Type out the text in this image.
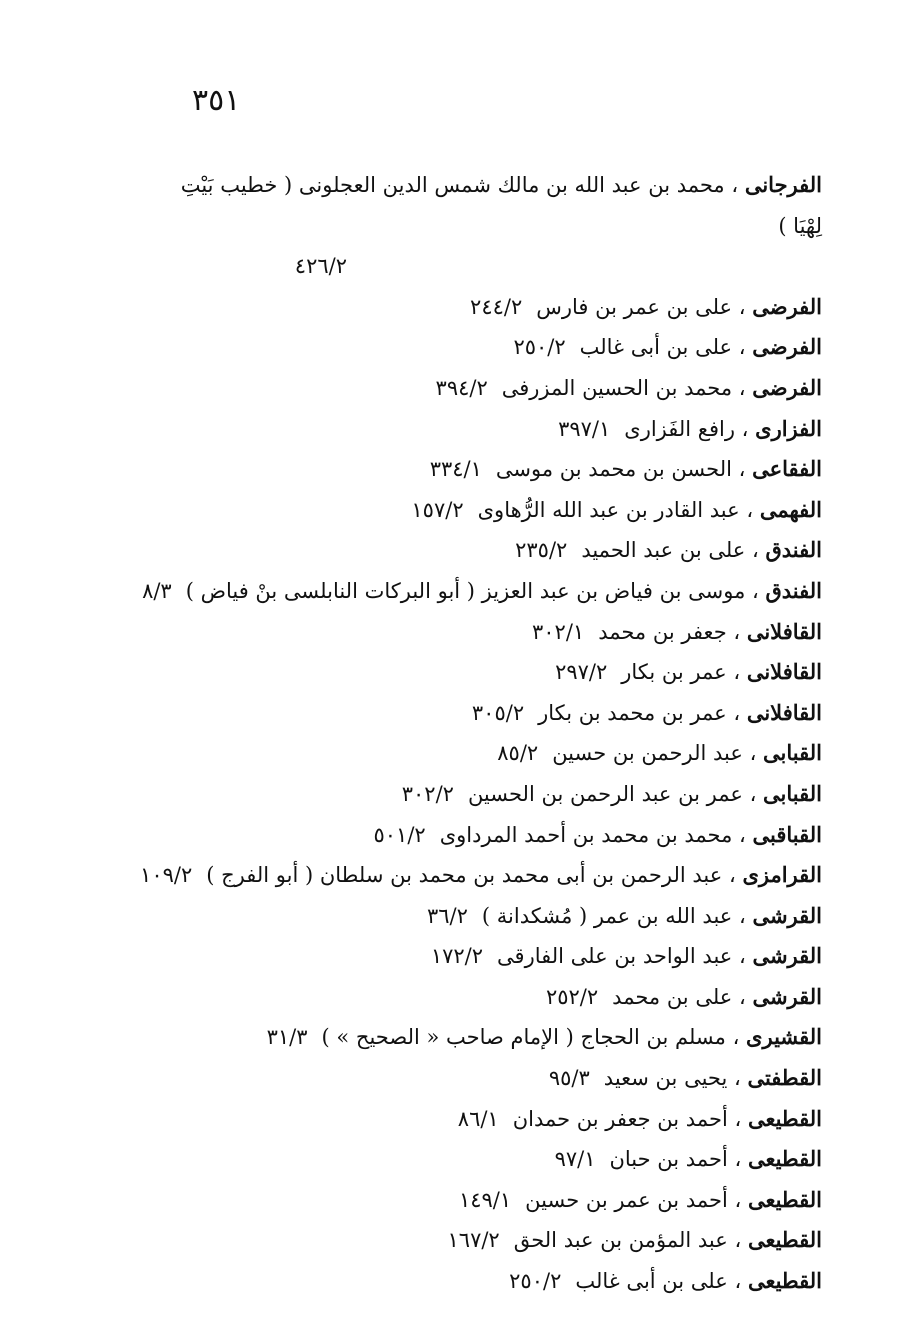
٣٥١
الفرجانى ، محمد بن عبد الله بن مالك شمس الدين العجلونى ( خطيب بَيْتِ لِهْيَا )
٤٢٦/٢
الفرضى ، على بن عمر بن فارس٢٤٤/٢
الفرضى ، على بن أبى غالب٢٥٠/٢
الفرضى ، محمد بن الحسين المزرفى٣٩٤/٢
الفزارى ، رافع الفَزارى٣٩٧/١
الفقاعى ، الحسن بن محمد بن موسى٣٣٤/١
الفهمى ، عبد القادر بن عبد الله الرُّهاوى١٥٧/٢
الفندق ، على بن عبد الحميد٢٣٥/٢
الفندق ، موسى بن فياض بن عبد العزيز ( أبو البركات النابلسى بنْ فياض )٨/٣
القافلانى ، جعفر بن محمد٣٠٢/١
القافلانى ، عمر بن بكار٢٩٧/٢
القافلانى ، عمر بن محمد بن بكار٣٠٥/٢
القبابى ، عبد الرحمن بن حسين٨٥/٢
القبابى ، عمر بن عبد الرحمن بن الحسين٣٠٢/٢
القباقبى ، محمد بن محمد بن أحمد المرداوى٥٠١/٢
القرامزى ، عبد الرحمن بن أبى محمد بن محمد بن سلطان ( أبو الفرج )١٠٩/٢
القرشى ، عبد الله بن عمر ( مُشكدانة )٣٦/٢
القرشى ، عبد الواحد بن على الفارقى١٧٢/٢
القرشى ، على بن محمد٢٥٢/٢
القشيرى ، مسلم بن الحجاج ( الإمام صاحب « الصحيح » )٣١/٣
القطفتى ، يحيى بن سعيد٩٥/٣
القطيعى ، أحمد بن جعفر بن حمدان٨٦/١
القطيعى ، أحمد بن حبان٩٧/١
القطيعى ، أحمد بن عمر بن حسين١٤٩/١
القطيعى ، عبد المؤمن بن عبد الحق١٦٧/٢
القطيعى ، على بن أبى غالب٢٥٠/٢
